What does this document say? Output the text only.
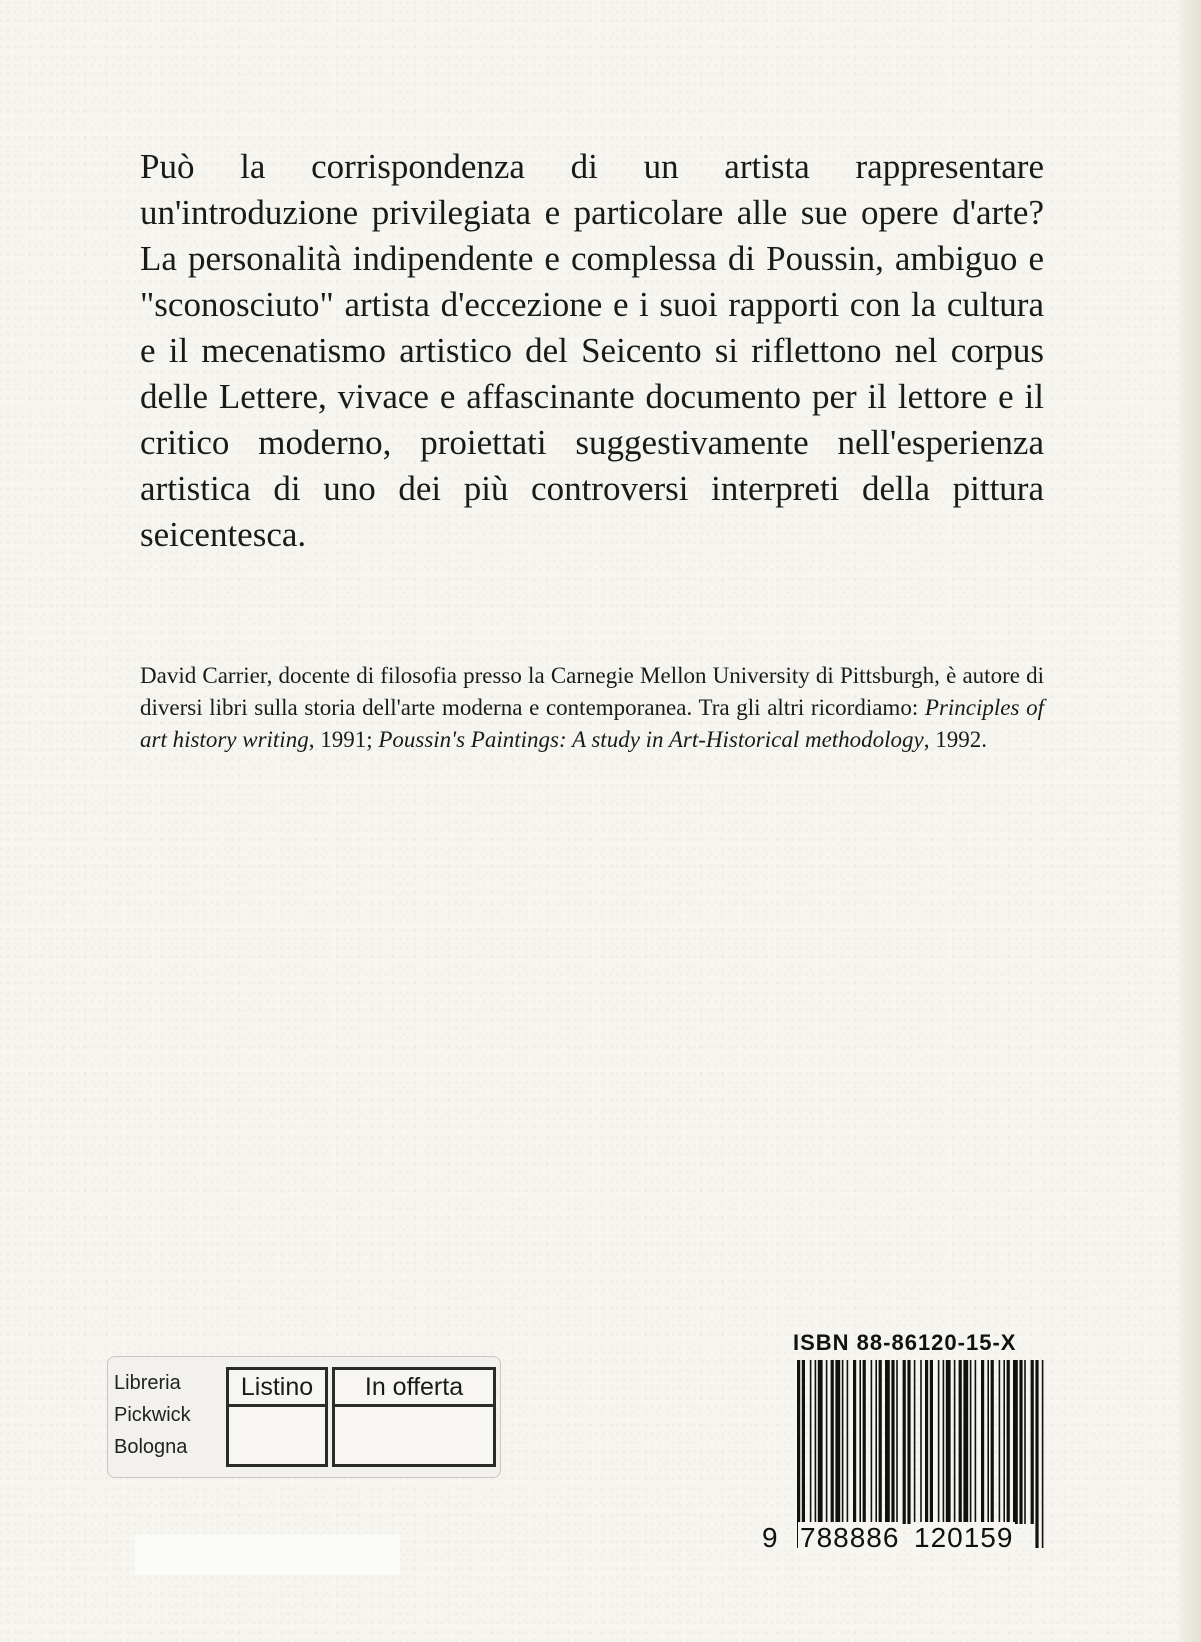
Può la corrispondenza di un artista rappresentare un'introduzione privilegiata e particolare alle sue opere d'arte? La personalità indipendente e complessa di Poussin, ambiguo e "sconosciuto" artista d'eccezione e i suoi rapporti con la cultura e il mecenatismo artistico del Seicento si riflettono nel corpus delle Lettere, vivace e affascinante documento per il lettore e il critico moderno, proiettati suggestivamente nell'esperienza artistica di uno dei più controversi interpreti della pittura seicentesca.

David Carrier, docente di filosofia presso la Carnegie Mellon University di Pittsburgh, è autore di diversi libri sulla storia dell'arte moderna e contemporanea. Tra gli altri ricordiamo: Principles of art history writing, 1991; Poussin's Paintings: A study in Art-Historical methodology, 1992.

Libreria
Pickwick
Bologna
Listino	In offerta
ISBN 88-86120-15-X
9 788886 120159
